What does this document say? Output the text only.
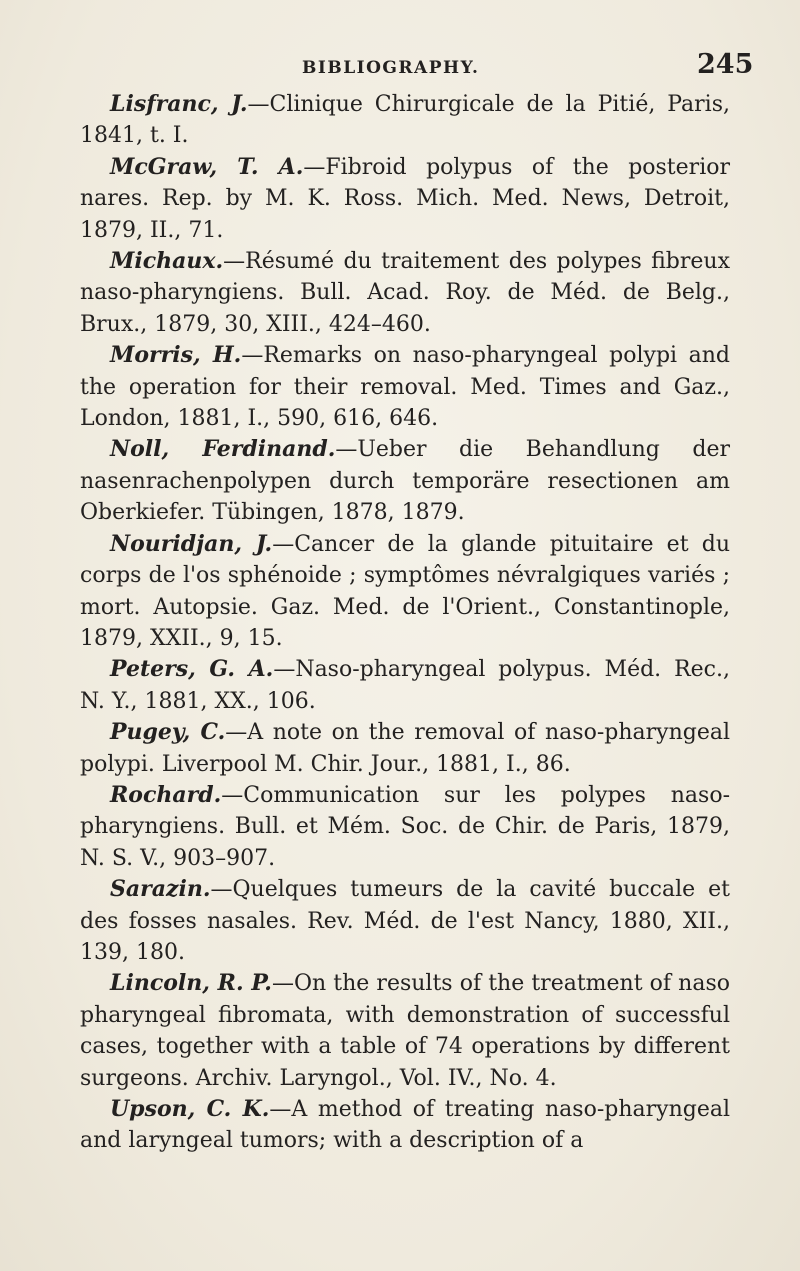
BIBLIOGRAPHY.	245

Lisfranc, J.—Clinique Chirurgicale de la Pitié, Paris, 1841, t. I.

McGraw, T. A.—Fibroid polypus of the posterior nares. Rep. by M. K. Ross. Mich. Med. News, Detroit, 1879, II., 71.

Michaux.—Résumé du traitement des polypes fibreux naso-pharyngiens. Bull. Acad. Roy. de Méd. de Belg., Brux., 1879, 30, XIII., 424–460.

Morris, H.—Remarks on naso-pharyngeal polypi and the operation for their removal. Med. Times and Gaz., London, 1881, I., 590, 616, 646.

Noll, Ferdinand.—Ueber die Behandlung der nasenrachenpolypen durch temporäre resectionen am Oberkiefer. Tübingen, 1878, 1879.

Nouridjan, J.—Cancer de la glande pituitaire et du corps de l'os sphénoide ; symptômes névralgiques variés ; mort. Autopsie. Gaz. Med. de l'Orient., Constantinople, 1879, XXII., 9, 15.

Peters, G. A.—Naso-pharyngeal polypus. Méd. Rec., N. Y., 1881, XX., 106.

Pugey, C.—A note on the removal of naso-pharyngeal polypi. Liverpool M. Chir. Jour., 1881, I., 86.

Rochard.—Communication sur les polypes naso-pharyngiens. Bull. et Mém. Soc. de Chir. de Paris, 1879, N. S. V., 903–907.

Sarazin.—Quelques tumeurs de la cavité buccale et des fosses nasales. Rev. Méd. de l'est Nancy, 1880, XII., 139, 180.

Lincoln, R. P.—On the results of the treatment of naso pharyngeal fibromata, with demonstration of successful cases, together with a table of 74 operations by different surgeons. Archiv. Laryngol., Vol. IV., No. 4.

Upson, C. K.—A method of treating naso-pharyngeal and laryngeal tumors; with a description of a
